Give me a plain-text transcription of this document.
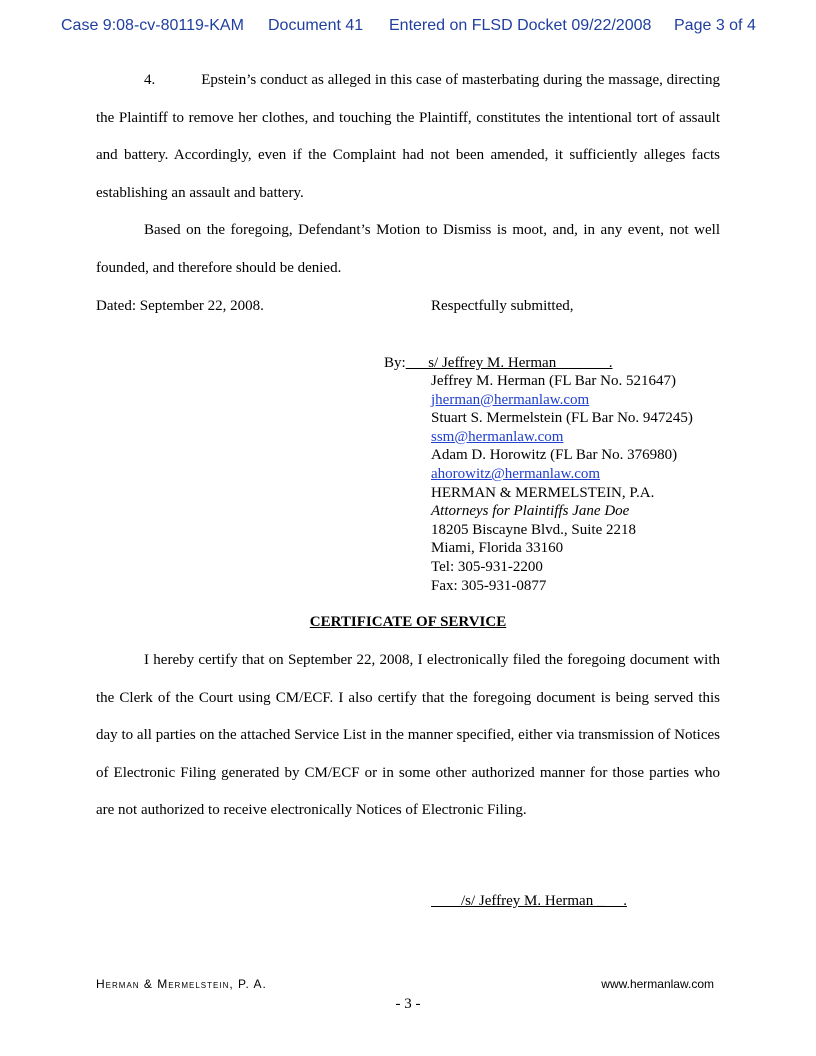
Case 9:08-cv-80119-KAM Document 41 Entered on FLSD Docket 09/22/2008 Page 3 of 4

4.	Epstein’s conduct as alleged in this case of masterbating during the massage, directing the Plaintiff to remove her clothes, and touching the Plaintiff, constitutes the intentional tort of assault and battery. Accordingly, even if the Complaint had not been amended, it sufficiently alleges facts establishing an assault and battery.

Based on the foregoing, Defendant’s Motion to Dismiss is moot, and, in any event, not well founded, and therefore should be denied.

Dated: September 22, 2008.	Respectfully submitted,
By:      s/ Jeffrey M. Herman              .
Jeffrey M. Herman (FL Bar No. 521647)
jherman@hermanlaw.com
Stuart S. Mermelstein (FL Bar No. 947245)
ssm@hermanlaw.com
Adam D. Horowitz (FL Bar No. 376980)
ahorowitz@hermanlaw.com
HERMAN & MERMELSTEIN, P.A.
Attorneys for Plaintiffs Jane Doe
18205 Biscayne Blvd., Suite 2218
Miami, Florida 33160
Tel: 305-931-2200
Fax: 305-931-0877
CERTIFICATE OF SERVICE

I hereby certify that on September 22, 2008, I electronically filed the foregoing document with the Clerk of the Court using CM/ECF. I also certify that the foregoing document is being served this day to all parties on the attached Service List in the manner specified, either via transmission of Notices of Electronic Filing generated by CM/ECF or in some other authorized manner for those parties who are not authorized to receive electronically Notices of Electronic Filing.

/s/ Jeffrey M. Herman _     .
Herman & Mermelstein, P. A.	www.hermanlaw.com
- 3 -
